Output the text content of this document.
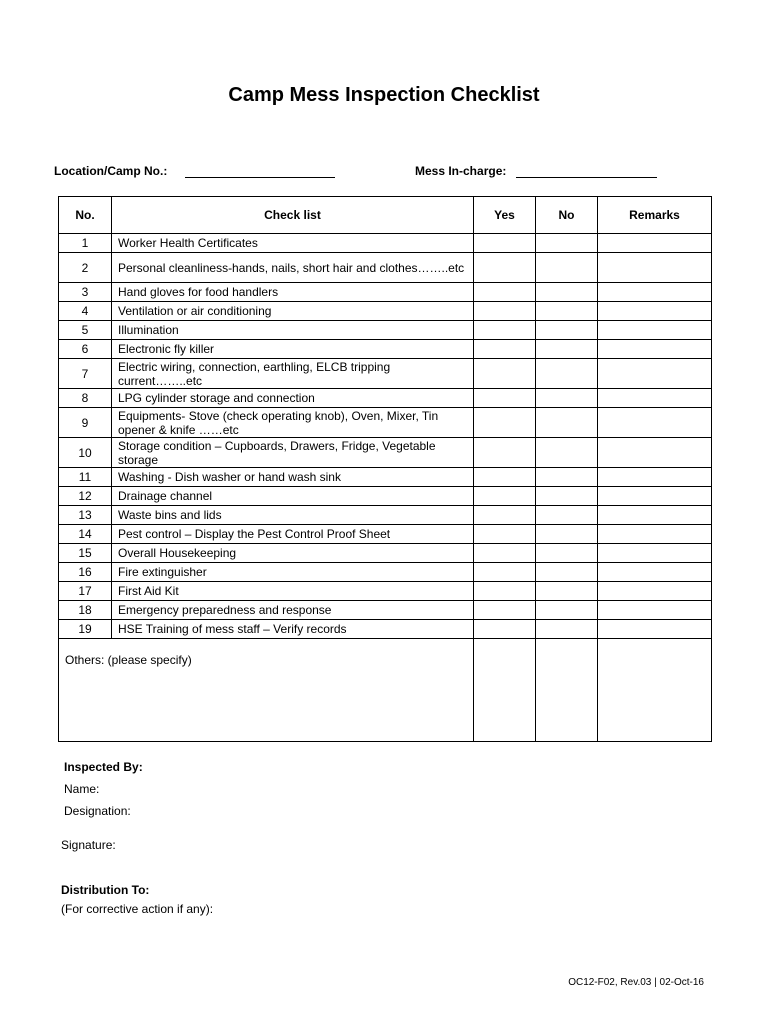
Camp Mess Inspection Checklist
Location/Camp No.:	Mess In-charge:
No.	Check list	Yes	No	Remarks
1	Worker Health Certificates			
2	Personal cleanliness-hands, nails, short hair and clothes……..etc			
3	Hand gloves for food handlers			
4	Ventilation or air conditioning			
5	Illumination			
6	Electronic fly killer			
7	Electric wiring, connection, earthling, ELCB tripping current……..etc			
8	LPG cylinder storage and connection			
9	Equipments- Stove (check operating knob), Oven, Mixer, Tin opener & knife ……etc			
10	Storage condition – Cupboards, Drawers, Fridge, Vegetable storage			
11	Washing - Dish washer or hand wash sink			
12	Drainage channel			
13	Waste bins and lids			
14	Pest control – Display the Pest Control Proof Sheet			
15	Overall Housekeeping			
16	Fire extinguisher			
17	First Aid Kit			
18	Emergency preparedness and response			
19	HSE Training of mess staff – Verify records			
Others: (please specify)				
Inspected By:
Name:
Designation:
Signature:
Distribution To:
(For corrective action if any):
OC12-F02, Rev.03 | 02-Oct-16
